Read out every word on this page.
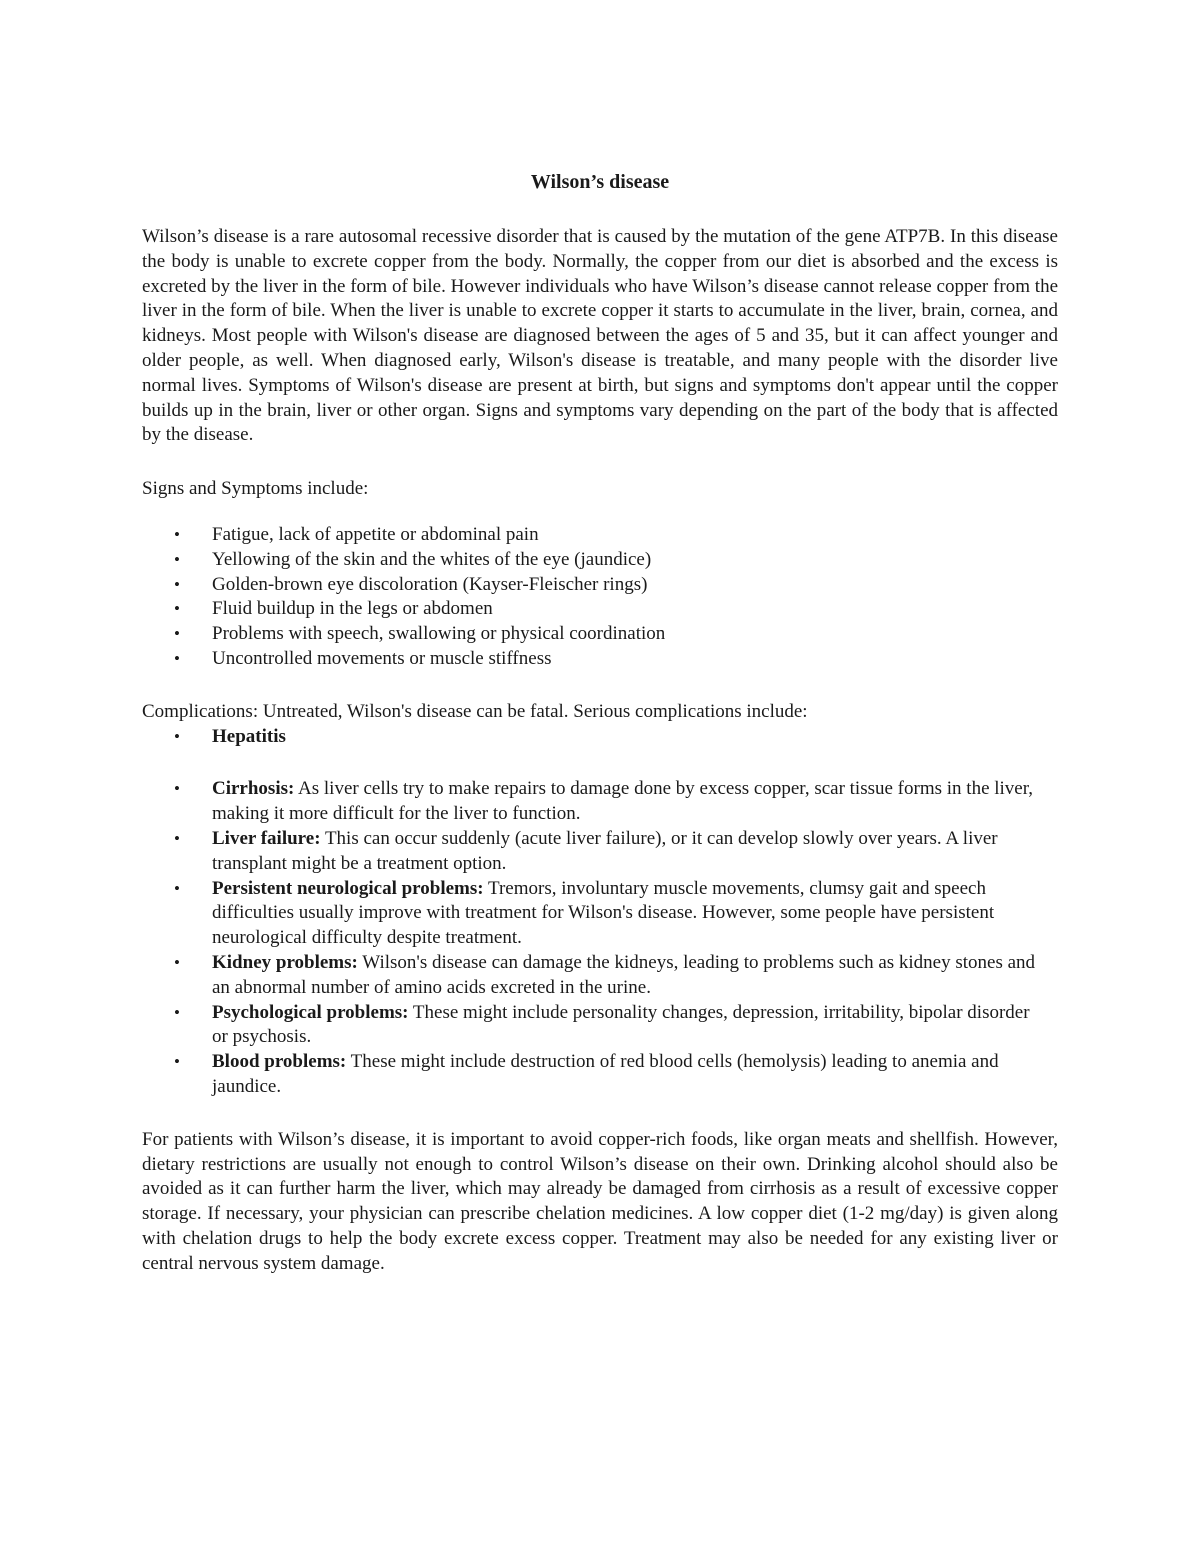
Wilson’s disease

Wilson’s disease is a rare autosomal recessive disorder that is caused by the mutation of the gene ATP7B. In this disease the body is unable to excrete copper from the body. Normally, the copper from our diet is absorbed and the excess is excreted by the liver in the form of bile. However individuals who have Wilson’s disease cannot release copper from the liver in the form of bile. When the liver is unable to excrete copper it starts to accumulate in the liver, brain, cornea, and kidneys. Most people with Wilson's disease are diagnosed between the ages of 5 and 35, but it can affect younger and older people, as well. When diagnosed early, Wilson's disease is treatable, and many people with the disorder live normal lives. Symptoms of Wilson's disease are present at birth, but signs and symptoms don't appear until the copper builds up in the brain, liver or other organ. Signs and symptoms vary depending on the part of the body that is affected by the disease.

Signs and Symptoms include:

• Fatigue, lack of appetite or abdominal pain
• Yellowing of the skin and the whites of the eye (jaundice)
• Golden-brown eye discoloration (Kayser-Fleischer rings)
• Fluid buildup in the legs or abdomen
• Problems with speech, swallowing or physical coordination
• Uncontrolled movements or muscle stiffness

Complications: Untreated, Wilson's disease can be fatal. Serious complications include:

• Hepatitis
• Cirrhosis: As liver cells try to make repairs to damage done by excess copper, scar tissue forms in the liver, making it more difficult for the liver to function.
• Liver failure: This can occur suddenly (acute liver failure), or it can develop slowly over years. A liver transplant might be a treatment option.
• Persistent neurological problems: Tremors, involuntary muscle movements, clumsy gait and speech difficulties usually improve with treatment for Wilson's disease. However, some people have persistent neurological difficulty despite treatment.
• Kidney problems: Wilson's disease can damage the kidneys, leading to problems such as kidney stones and an abnormal number of amino acids excreted in the urine.
• Psychological problems: These might include personality changes, depression, irritability, bipolar disorder or psychosis.
• Blood problems: These might include destruction of red blood cells (hemolysis) leading to anemia and jaundice.

For patients with Wilson’s disease, it is important to avoid copper-rich foods, like organ meats and shellfish. However, dietary restrictions are usually not enough to control Wilson’s disease on their own. Drinking alcohol should also be avoided as it can further harm the liver, which may already be damaged from cirrhosis as a result of excessive copper storage. If necessary, your physician can prescribe chelation medicines. A low copper diet (1-2 mg/day) is given along with chelation drugs to help the body excrete excess copper. Treatment may also be needed for any existing liver or central nervous system damage.
